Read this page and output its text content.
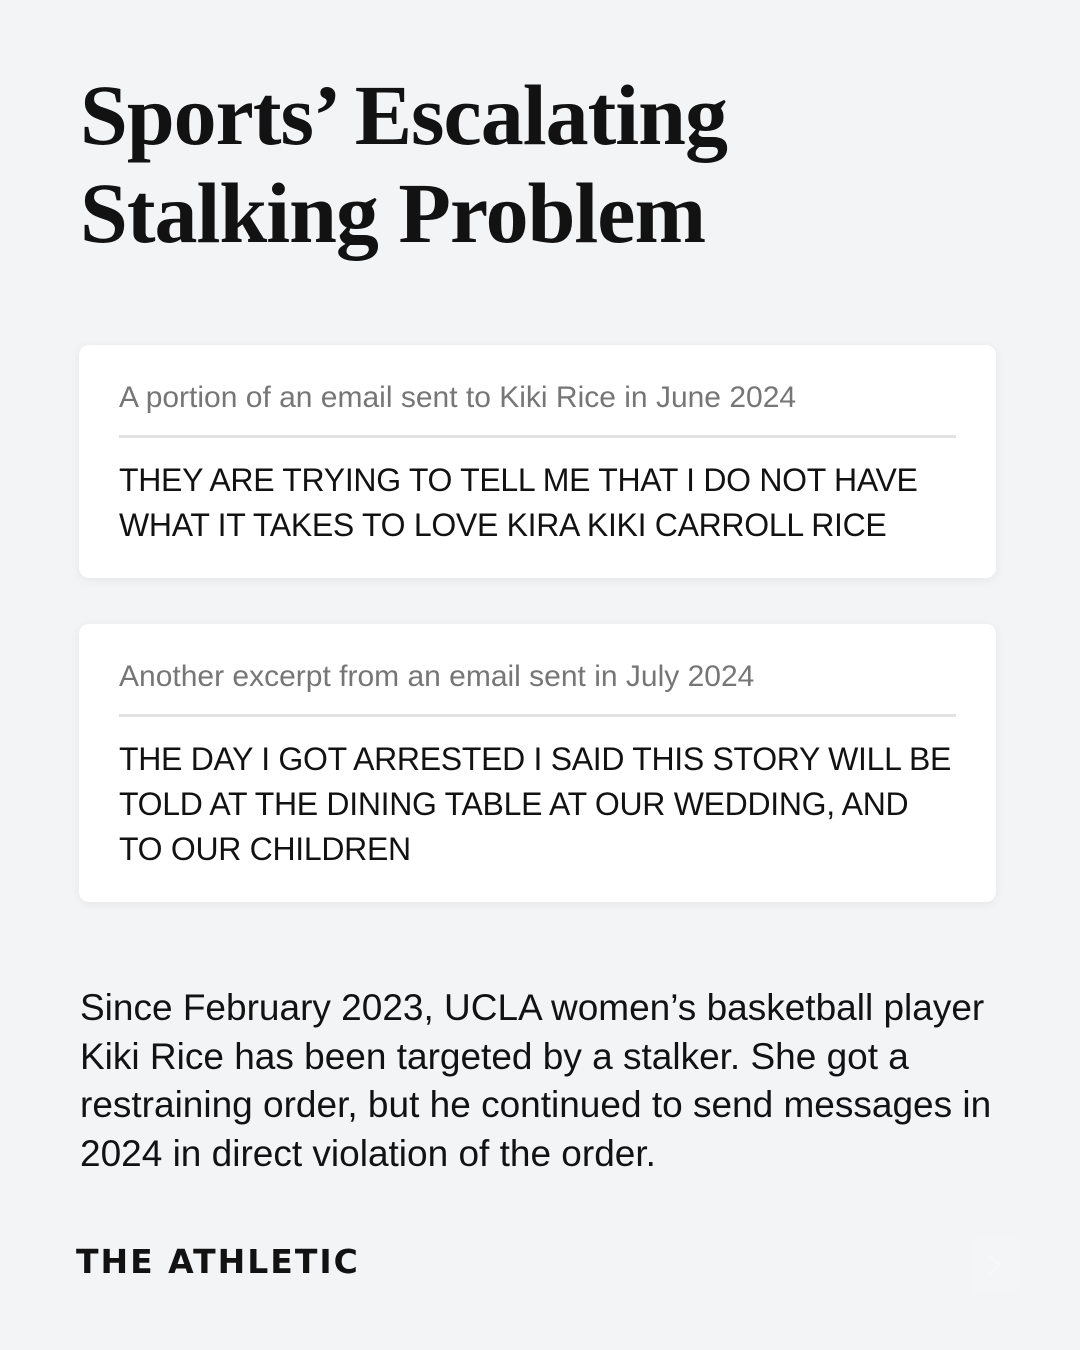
Sports’ Escalating
Stalking Problem

A portion of an email sent to Kiki Rice in June 2024

THEY ARE TRYING TO TELL ME THAT I DO NOT HAVE WHAT IT TAKES TO LOVE KIRA KIKI CARROLL RICE

Another excerpt from an email sent in July 2024

THE DAY I GOT ARRESTED I SAID THIS STORY WILL BE TOLD AT THE DINING TABLE AT OUR WEDDING, AND TO OUR CHILDREN

Since February 2023, UCLA women’s basketball player Kiki Rice has been targeted by a stalker. She got a restraining order, but he continued to send messages in 2024 in direct violation of the order.

THE ATHLETIC
